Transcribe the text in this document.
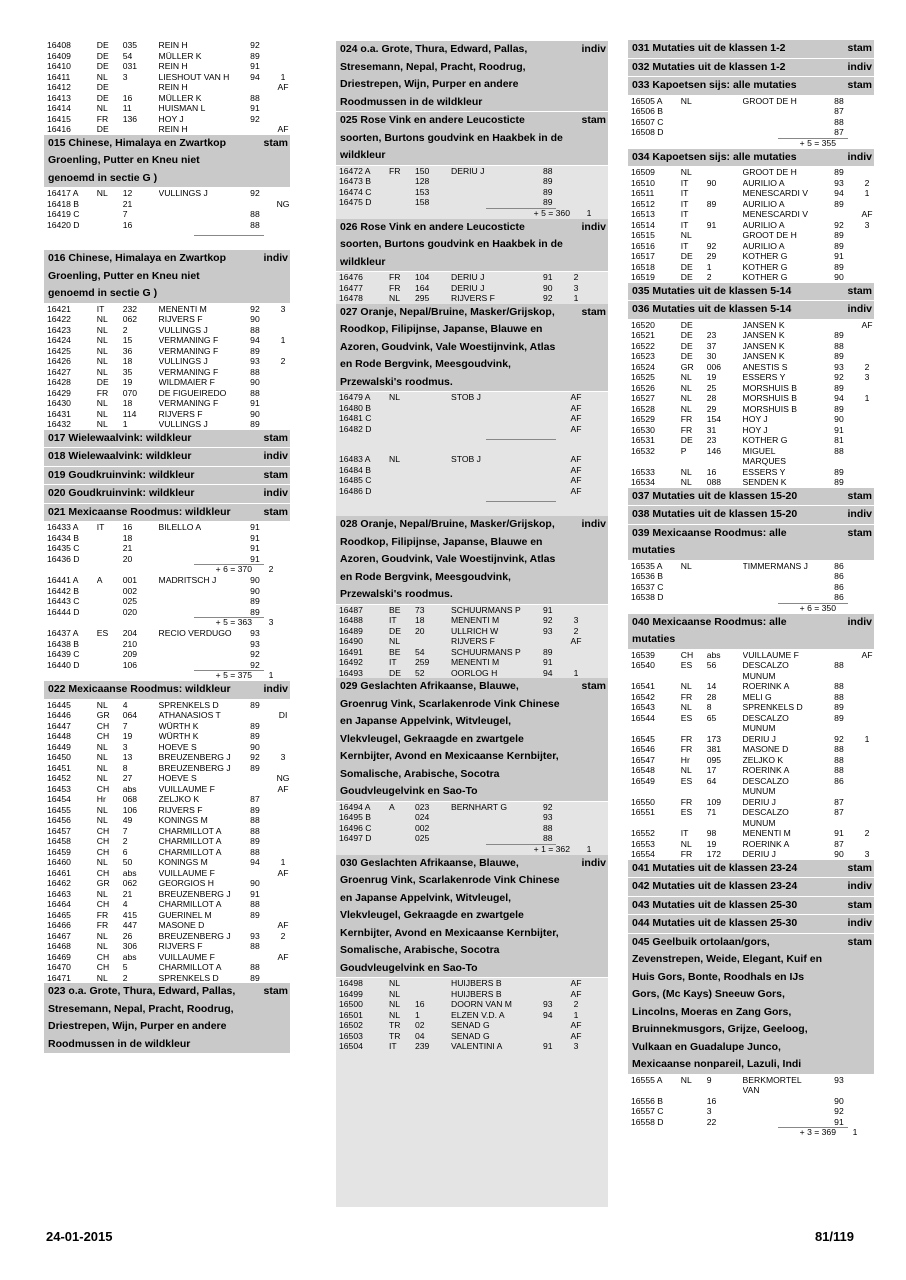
16408	DE	035	REIN H	92
16409	DE	54	MÜLLER K	89
16410	DE	031	REIN H	91
16411	NL	3	LIESHOUT VAN H	94	1
16412	DE	REIN H	AF
16413	DE	16	MÜLLER K	88
16414	NL	11	HUISMAN L	91
16415	FR	136	HOY J	92
16416	DE	REIN H	AF
015 Chinese, Himalaya en Zwartkop Groenling, Putter en Kneu niet genoemd in sectie G )
stam
16417 A	NL	12	VULLINGS J	92
16418 B	21	NG
16419 C	7	88
16420 D	16	88
016 Chinese, Himalaya en Zwartkop Groenling, Putter en Kneu niet genoemd in sectie G )
indiv
16421	IT	232	MENENTI M	92	3
16422	NL	062	RIJVERS F	90
16423	NL	2	VULLINGS J	88
16424	NL	15	VERMANING F	94	1
16425	NL	36	VERMANING F	89
16426	NL	18	VULLINGS J	93	2
16427	NL	35	VERMANING F	88
16428	DE	19	WILDMAIER F	90
16429	FR	070	DE FIGUEIREDO	88
16430	NL	18	VERMANING F	91
16431	NL	114	RIJVERS F	90
16432	NL	1	VULLINGS J	89
017 Wielewaalvink: wildkleur	stam
018 Wielewaalvink: wildkleur	indiv
019 Goudkruinvink: wildkleur	stam
020 Goudkruinvink: wildkleur	indiv
021 Mexicaanse Roodmus: wildkleur	stam
16433 A	IT	16	BILELLO A	91
16434 B	18	91
16435 C	21	91
16436 D	20	91
+ 6 = 370 2
16441 A	A	001	MADRITSCH J	90
16442 B	002	90
16443 C	025	89
16444 D	020	89
+ 5 = 363 3
16437 A	ES	204	RECIO VERDUGO	93
16438 B	210	93
16439 C	209	92
16440 D	106	92
+ 5 = 375 1
022 Mexicaanse Roodmus: wildkleur	indiv
16445	NL	4	SPRENKELS D	89
16446	GR	064	ATHANASIOS T	DI
16447	CH	7	WÜRTH K	89
16448	CH	19	WÜRTH K	89
16449	NL	3	HOEVE S	90
16450	NL	13	BREUZENBERG J	92	3
16451	NL	8	BREUZENBERG J	89
16452	NL	27	HOEVE S	NG
16453	CH	abs	VUILLAUME F	AF
16454	Hr	068	ZELJKO K	87
16455	NL	106	RIJVERS F	89
16456	NL	49	KONINGS M	88
16457	CH	7	CHARMILLOT A	88
16458	CH	2	CHARMILLOT A	89
16459	CH	6	CHARMILLOT A	88
16460	NL	50	KONINGS M	94	1
16461	CH	abs	VUILLAUME F	AF
16462	GR	062	GEORGIOS H	90
16463	NL	21	BREUZENBERG J	91
16464	CH	4	CHARMILLOT A	88
16465	FR	415	GUERINEL M	89
16466	FR	447	MASONE D	AF
16467	NL	26	BREUZENBERG J	93	2
16468	NL	306	RIJVERS F	88
16469	CH	abs	VUILLAUME F	AF
16470	CH	5	CHARMILLOT A	88
16471	NL	2	SPRENKELS D	89
023 o.a. Grote, Thura, Edward, Pallas, Stresemann, Nepal, Pracht, Roodrug, Driestrepen, Wijn, Purper en andere Roodmussen in de wildkleur
stam
024 o.a. Grote, Thura, Edward, Pallas, Stresemann, Nepal, Pracht, Roodrug, Driestrepen, Wijn, Purper en andere Roodmussen in de wildkleur
indiv
025 Rose Vink en andere Leucosticte soorten, Burtons goudvink en Haakbek in de wildkleur
stam
16472 A	FR	150	DERIU J	88
16473 B	128	89
16474 C	153	89
16475 D	158	89
+ 5 = 360 1
026 Rose Vink en andere Leucosticte soorten, Burtons goudvink en Haakbek in de wildkleur
indiv
16476	FR	104	DERIU J	91	2
16477	FR	164	DERIU J	90	3
16478	NL	295	RIJVERS F	92	1
027 Oranje, Nepal/Bruine, Masker/Grijskop, Roodkop, Filipijnse, Japanse, Blauwe en Azoren, Goudvink, Vale Woestijnvink, Atlas en Rode Bergvink, Meesgoudvink, Przewalski's roodmus.
stam
16479 A	NL	STOB J	AF
16480 B	AF
16481 C	AF
16482 D	AF
16483 A	NL	STOB J	AF
16484 B	AF
16485 C	AF
16486 D	AF
028 Oranje, Nepal/Bruine, Masker/Grijskop, Roodkop, Filipijnse, Japanse, Blauwe en Azoren, Goudvink, Vale Woestijnvink, Atlas en Rode Bergvink, Meesgoudvink, Przewalski's roodmus.
indiv
16487	BE	73	SCHUURMANS P	91
16488	IT	18	MENENTI M	92	3
16489	DE	20	ULLRICH W	93	2
16490	NL	RIJVERS F	AF
16491	BE	54	SCHUURMANS P	89
16492	IT	259	MENENTI M	91
16493	DE	52	OORLOG H	94	1
029 Geslachten Afrikaanse, Blauwe, Groenrug Vink, Scarlakenrode Vink Chinese en Japanse Appelvink, Witvleugel, Vlekvleugel, Gekraagde en zwartgele Kernbijter, Avond en Mexicaanse Kernbijter, Somalische, Arabische, Socotra Goudvleugelvink en Sao-To
stam
16494 A	A	023	BERNHART G	92
16495 B	024	93
16496 C	002	88
16497 D	025	88
+ 1 = 362 1
030 Geslachten Afrikaanse, Blauwe, Groenrug Vink, Scarlakenrode Vink Chinese en Japanse Appelvink, Witvleugel, Vlekvleugel, Gekraagde en zwartgele Kernbijter, Avond en Mexicaanse Kernbijter, Somalische, Arabische, Socotra Goudvleugelvink en Sao-To
indiv
16498	NL	HUIJBERS B	AF
16499	NL	HUIJBERS B	AF
16500	NL	16	DOORN VAN M	93	2
16501	NL	1	ELZEN V.D. A	94	1
16502	TR	02	SENAD G	AF
16503	TR	04	SENAD G	AF
16504	IT	239	VALENTINI A	91	3
031 Mutaties uit de klassen 1-2	stam
032 Mutaties uit de klassen 1-2	indiv
033 Kapoetsen sijs: alle mutaties	stam
16505 A	NL	GROOT DE H	88
16506 B	87
16507 C	88
16508 D	87
+ 5 = 355
034 Kapoetsen sijs: alle mutaties	indiv
16509	NL	GROOT DE H	89
16510	IT	90	AURILIO A	93	2
16511	IT	MENESCARDI V	94	1
16512	IT	89	AURILIO A	89
16513	IT	MENESCARDI V	AF
16514	IT	91	AURILIO A	92	3
16515	NL	GROOT DE H	89
16516	IT	92	AURILIO A	89
16517	DE	29	KOTHER G	91
16518	DE	1	KOTHER G	89
16519	DE	2	KOTHER G	90
035 Mutaties uit de klassen 5-14	stam
036 Mutaties uit de klassen 5-14	indiv
16520	DE	JANSEN K	AF
16521	DE	23	JANSEN K	89
16522	DE	37	JANSEN K	88
16523	DE	30	JANSEN K	89
16524	GR	006	ANESTIS S	93	2
16525	NL	19	ESSERS Y	92	3
16526	NL	25	MORSHUIS B	89
16527	NL	28	MORSHUIS B	94	1
16528	NL	29	MORSHUIS B	89
16529	FR	154	HOY J	90
16530	FR	31	HOY J	91
16531	DE	23	KOTHER G	81
16532	P	146	MIGUEL	88
MARQUES
16533	NL	16	ESSERS Y	89
16534	NL	088	SENDEN K	89
037 Mutaties uit de klassen 15-20	stam
038 Mutaties uit de klassen 15-20	indiv
039 Mexicaanse Roodmus: alle mutaties
stam
16535 A	NL	TIMMERMANS J	86
16536 B	86
16537 C	86
16538 D	86
+ 6 = 350
040 Mexicaanse Roodmus: alle mutaties
indiv
16539	CH	abs	VUILLAUME F	AF
16540	ES	56	DESCALZO	88
MUNUM
16541	NL	14	ROERINK A	88
16542	FR	28	MELI G	88
16543	NL	8	SPRENKELS D	89
16544	ES	65	DESCALZO	89
MUNUM
16545	FR	173	DERIU J	92	1
16546	FR	381	MASONE D	88
16547	Hr	095	ZELJKO K	88
16548	NL	17	ROERINK A	88
16549	ES	64	DESCALZO	86
MUNUM
16550	FR	109	DERIU J	87
16551	ES	71	DESCALZO	87
MUNUM
16552	IT	98	MENENTI M	91	2
16553	NL	19	ROERINK A	87
16554	FR	172	DERIU J	90	3
041 Mutaties uit de klassen 23-24	stam
042 Mutaties uit de klassen 23-24	indiv
043 Mutaties uit de klassen 25-30	stam
044 Mutaties uit de klassen 25-30	indiv
045 Geelbuik ortolaan/gors, Zevenstrepen, Weide, Elegant, Kuif en Huis Gors, Bonte, Roodhals en IJs Gors, (Mc Kays) Sneeuw Gors, Lincolns, Moeras en Zang Gors, Bruinnekmusgors, Grijze, Geeloog, Vulkaan en Guadalupe Junco, Mexicaanse nonpareil, Lazuli, Indi
stam
16555 A	NL	9	BERKMORTEL	93
VAN
16556 B	16	90
16557 C	3	92
16558 D	22	91
+ 3 = 369 1
24-01-2015	81/119
